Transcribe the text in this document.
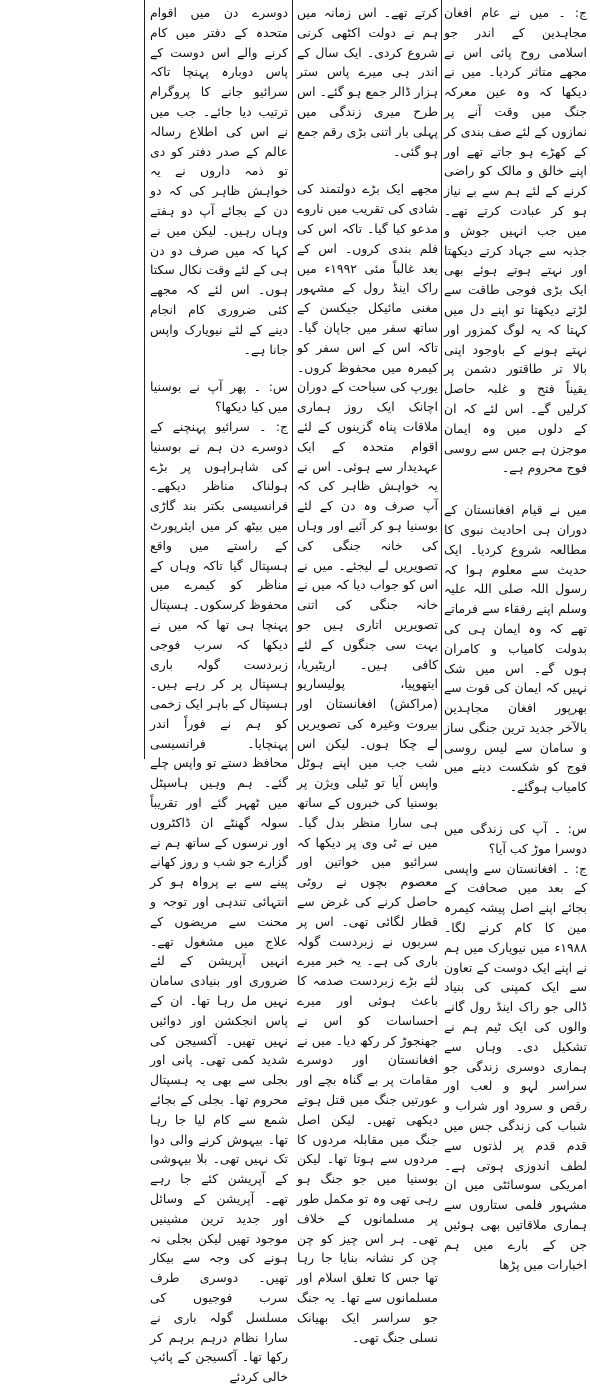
ج: ۔ میں نے عام افغان مجاہدین کے اندر جو اسلامی روح پائی اس نے مجھے متاثر کردیا۔ میں نے دیکھا کہ وہ عین معرکہ جنگ میں وقت آنے پر نمازوں کے لئے صف بندی کر کے کھڑے ہو جاتے تھے اور اپنے خالق و مالک کو راضی کرنے کے لئے ہم سے بے نیاز ہو کر عبادت کرتے تھے۔ میں جب انہیں جوش و جذبہ سے جہاد کرتے دیکھتا اور نہتے ہوتے ہوئے بھی ایک بڑی فوجی طاقت سے لڑتے دیکھتا تو اپنے دل میں کہتا کہ یہ لوگ کمزور اور نہتے ہونے کے باوجود اپنی بالا تر طاقتور دشمن پر یقیناً فتح و غلبہ حاصل کرلیں گے۔ اس لئے کہ ان کے دلوں میں وہ ایمان موجزن ہے جس سے روسی فوج محروم ہے۔

میں نے قیام افغانستان کے دوران ہی احادیث نبوی کا مطالعہ شروع کردیا۔ ایک حدیث سے معلوم ہوا کہ رسول اللہ صلی اللہ علیہ وسلم اپنے رفقاء سے فرماتے تھے کہ وہ ایمان ہی کی بدولت کامیاب و کامران ہوں گے۔ اس میں شک نہیں کہ ایمان کی قوت سے بھرپور افغان مجاہدین بالآخر جدید ترین جنگی ساز و سامان سے لیس روسی فوج کو شکست دینے میں کامیاب ہوگئے۔

س: ۔ آپ کی زندگی میں دوسرا موڑ کب آیا؟

ج: ۔ افغانستان سے واپسی کے بعد میں صحافت کے بجائے اپنے اصل پیشہ کیمرہ مین کا کام کرنے لگا۔ ۱۹۸۸ء میں نیویارک میں ہم نے اپنے ایک دوست کے تعاون سے ایک کمپنی کی بنیاد ڈالی جو راک اینڈ رول گانے والوں کی ایک ٹیم ہم نے تشکیل دی۔ وہاں سے ہماری دوسری زندگی جو سراسر لہو و لعب اور رقص و سرود اور شراب و شباب کی زندگی جس میں قدم قدم پر لذتوں سے لطف اندوزی ہوتی ہے۔ امریکی سوسائٹی میں ان مشہور فلمی ستاروں سے ہماری ملاقاتیں بھی ہوئیں جن کے بارے میں ہم اخبارات میں پڑھا

کرتے تھے۔ اس زمانہ میں ہم نے دولت اکٹھی کرنی شروع کردی۔ ایک سال کے اندر ہی میرے پاس ستر ہزار ڈالر جمع ہو گئے۔ اس طرح میری زندگی میں پہلی بار اتنی بڑی رقم جمع ہو گئی۔

مجھے ایک بڑے دولتمند کی شادی کی تقریب میں ناروے مدعو کیا گیا۔ تاکہ اس کی فلم بندی کروں۔ اس کے بعد غالباً مئی ۱۹۹۲ء میں راک اینڈ رول کے مشہور مغنی مائیکل جیکسن کے ساتھ سفر میں جاپان گیا۔ تاکہ اس کے اس سفر کو کیمرہ میں محفوظ کروں۔ یورپ کی سیاحت کے دوران اچانک ایک روز ہماری ملاقات پناہ گزینوں کے لئے اقوام متحدہ کے ایک عہدیدار سے ہوئی۔ اس نے یہ خواہش ظاہر کی کہ آپ صرف وہ دن کے لئے بوسنیا ہو کر آئیے اور وہاں کی خانہ جنگی کی تصویریں لے لیجئے۔ میں نے اس کو جواب دیا کہ میں نے خانہ جنگی کی اتنی تصویریں اتاری ہیں جو بہت سی جنگوں کے لئے کافی ہیں۔ اریٹیریا، ایتھوپیا، پولیساریو (مراکش) افغانستان اور بیروت وغیرہ کی تصویریں لے چکا ہوں۔ لیکن اس شب جب میں اپنے ہوٹل واپس آیا تو ٹیلی ویژن پر بوسنیا کی خبروں کے ساتھ ہی سارا منظر بدل گیا۔ میں نے ٹی وی پر دیکھا کہ سرائیو میں خواتین اور معصوم بچوں نے روٹی حاصل کرنے کی غرض سے قطار لگائی تھی۔ اس پر سربوں نے زبردست گولہ باری کی ہے۔ یہ خبر میرے لئے بڑے زبردست صدمہ کا باعث ہوئی اور میرے احساسات کو اس نے جھنجوڑ کر رکھ دیا۔ میں نے افغانستان اور دوسرے مقامات پر بے گناہ بچے اور عورتیں جنگ میں قتل ہوتے دیکھی تھیں۔ لیکن اصل جنگ میں مقابلہ مردوں کا مردوں سے ہوتا تھا۔ لیکن بوسنیا میں جو جنگ ہو رہی تھی وہ تو مکمل طور پر مسلمانوں کے خلاف تھی۔ ہر اس چیز کو چن چن کر نشانہ بنایا جا رہا تھا جس کا تعلق اسلام اور مسلمانوں سے تھا۔ یہ جنگ جو سراسر ایک بھیانک نسلی جنگ تھی۔

دوسرے دن میں اقوام متحدہ کے دفتر میں کام کرنے والے اس دوست کے پاس دوبارہ پہنچا تاکہ سرائیو جانے کا پروگرام ترتیب دیا جائے۔ جب میں نے اس کی اطلاع رسالہ عالم کے صدر دفتر کو دی تو ذمہ داروں نے یہ خواہش ظاہر کی کہ دو دن کے بجائے آپ دو ہفتے وہاں رہیں۔ لیکن میں نے کہا کہ میں صرف دو دن ہی کے لئے وقت نکال سکتا ہوں۔ اس لئے کہ مجھے کئی ضروری کام انجام دینے کے لئے نیویارک واپس جانا ہے۔

س: ۔ پھر آپ نے بوسنیا میں کیا دیکھا؟

ج: ۔ سرائیو پہنچنے کے دوسرے دن ہم نے بوسنیا کی شاہراہوں پر بڑے ہولناک مناظر دیکھے۔ فرانسیسی بکتر بند گاڑی میں بیٹھ کر میں ایئرپورٹ کے راستے میں واقع ہسپتال گیا تاکہ وہاں کے مناظر کو کیمرے میں محفوظ کرسکوں۔ ہسپتال پہنچا ہی تھا کہ میں نے دیکھا کہ سرب فوجی زبردست گولہ باری ہسپتال پر کر رہے ہیں۔ ہسپتال کے باہر ایک زخمی کو ہم نے فوراً اندر پہنچایا۔ فرانسیسی محافظ دستے تو واپس چلے گئے۔ ہم وہیں ہاسپٹل میں ٹھہر گئے اور تقریباً سولہ گھنٹے ان ڈاکٹروں اور نرسوں کے ساتھ ہم نے گزارے جو شب و روز کھانے پینے سے بے پرواہ ہو کر انتہائی تندہی اور توجہ و محنت سے مریضوں کے علاج میں مشغول تھے۔ انہیں آپریشن کے لئے ضروری اور بنیادی سامان نہیں مل رہا تھا۔ ان کے پاس انجکشن اور دوائیں نہیں تھیں۔ آکسیجن کی شدید کمی تھی۔ پانی اور بجلی سے بھی یہ ہسپتال محروم تھا۔ بجلی کے بجائے شمع سے کام لیا جا رہا تھا۔ بیہوش کرنے والی دوا تک نہیں تھی۔ بلا بیہوشی کے آپریشن کئے جا رہے تھے۔ آپریشن کے وسائل اور جدید ترین مشینیں موجود تھیں لیکن بجلی نہ ہونے کی وجہ سے بیکار تھیں۔ دوسری طرف سرب فوجیوں کی مسلسل گولہ باری نے سارا نظام درہم برہم کر رکھا تھا۔ آکسیجن کے پائپ خالی کردئے
